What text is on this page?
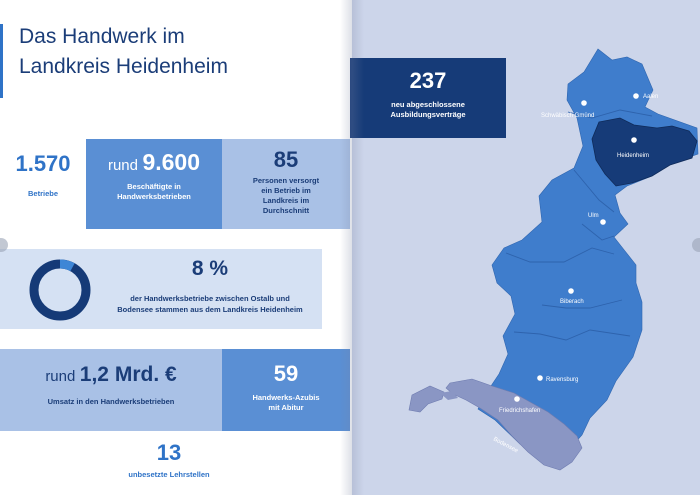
Das Handwerk im
Landkreis Heidenheim
1.570
Betriebe
rund 9.600
Beschäftigte in
Handwerksbetrieben
85
Personen versorgt
ein Betrieb im
Landkreis im
Durchschnitt
8 %
der Handwerksbetriebe zwischen Ostalb und
Bodensee stammen aus dem Landkreis Heidenheim
rund 1,2 Mrd. €
Umsatz in den Handwerksbetrieben
59
Handwerks-Azubis
mit Abitur
13
unbesetzte Lehrstellen
Bodensee
Aalen
Schwäbisch Gmünd
Heidenheim
Ulm
Biberach
Ravensburg
Friedrichshafen
237
neu abgeschlossene
Ausbildungsverträge
